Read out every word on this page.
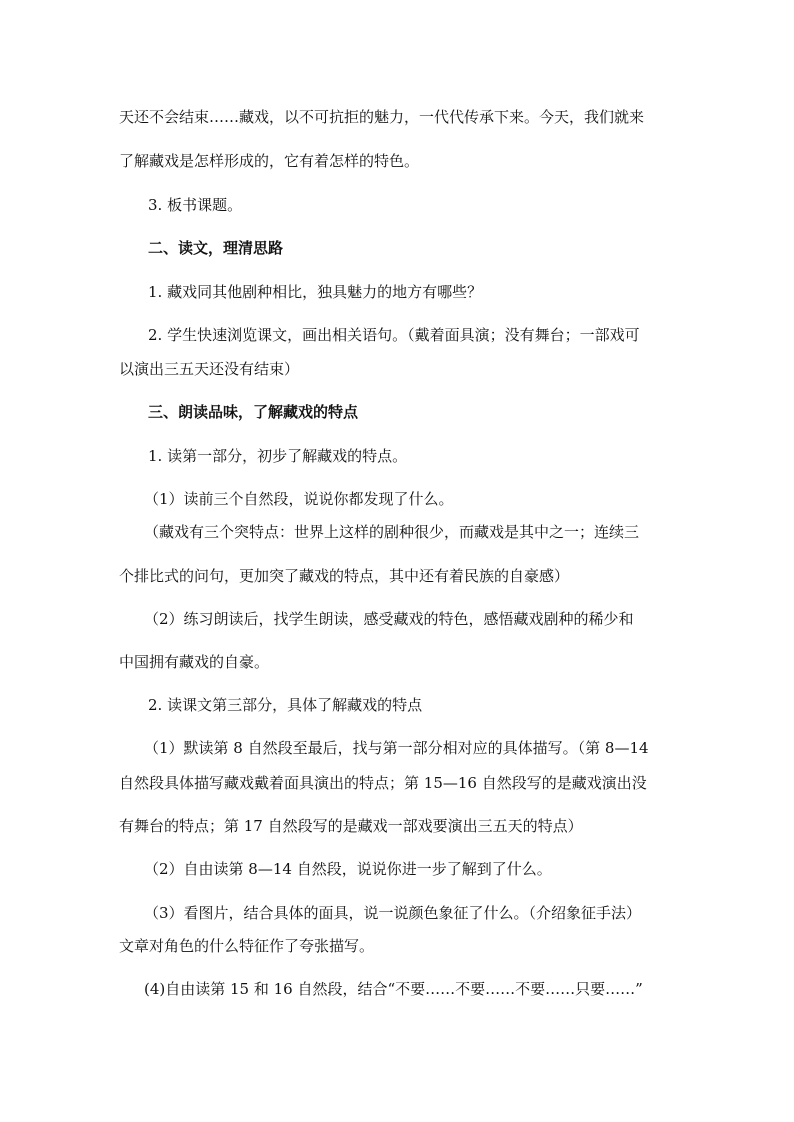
天还不会结束……藏戏，以不可抗拒的魅力，一代代传承下来。今天，我们就来
了解藏戏是怎样形成的，它有着怎样的特色。
3. 板书课题。
二、读文，理清思路
1. 藏戏同其他剧种相比，独具魅力的地方有哪些？
2. 学生快速浏览课文，画出相关语句。（戴着面具演；没有舞台；一部戏可
以演出三五天还没有结束）
三、朗读品味，了解藏戏的特点
1. 读第一部分，初步了解藏戏的特点。
（1）读前三个自然段，说说你都发现了什么。
（藏戏有三个突特点：世界上这样的剧种很少，而藏戏是其中之一；连续三
个排比式的问句，更加突了藏戏的特点，其中还有着民族的自豪感）
（2）练习朗读后，找学生朗读，感受藏戏的特色，感悟藏戏剧种的稀少和
中国拥有藏戏的自豪。
2. 读课文第三部分，具体了解藏戏的特点
（1）默读第 8 自然段至最后，找与第一部分相对应的具体描写。（第 8—14
自然段具体描写藏戏戴着面具演出的特点；第 15—16 自然段写的是藏戏演出没
有舞台的特点；第 17 自然段写的是藏戏一部戏要演出三五天的特点）
（2）自由读第 8—14 自然段，说说你进一步了解到了什么。
（3）看图片，结合具体的面具，说一说颜色象征了什么。（介绍象征手法）
文章对角色的什么特征作了夸张描写。
(4)自由读第 15 和 16 自然段，结合“不要……不要……不要……只要……”
